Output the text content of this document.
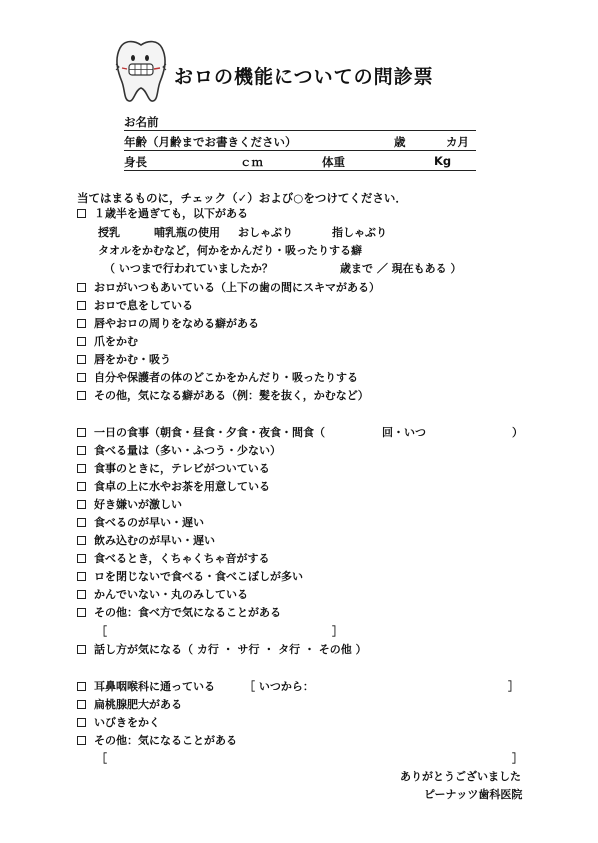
おロの機能についての問診票
お名前
年齢（月齢までお書きください）	歳	カ月
身長	ｃｍ	体重	Kg
当てはまるものに，チェック（✓）および○をつけてください．
１歳半を過ぎても，以下がある
授乳	哺乳瓶の使用 おしゃぶり	指しゃぶり
タオルをかむなど，何かをかんだり・吸ったりする癖
（ いつまで行われていましたか？	歳まで ／ 現在もある ）
おロがいつもあいている（上下の歯の間にスキマがある）
おロで息をしている
唇やおロの周りをなめる癖がある
爪をかむ
唇をかむ・吸う
自分や保護者の体のどこかをかんだり・吸ったりする
その他，気になる癖がある（例：髪を抜く，かむなど）
一日の食事（朝食・昼食・夕食・夜食・間食（	回・いつ	）
食べる量は（多い・ふつう・少ない）
食事のときに，テレビがついている
食卓の上に水やお茶を用意している
好き嫌いが激しい
食べるのが早い・遅い
飲み込むのが早い・遅い
食べるとき，くちゃくちゃ音がする
ロを閉じないで食べる・食べこぼしが多い
かんでいない・丸のみしている
その他：食べ方で気になることがある
［	］
話し方が気になる（ カ行 ・ サ行 ・ タ行 ・ その他 ）
耳鼻咽喉科に通っている	［ いつから：	］
扁桃腺肥大がある
いびきをかく
その他：気になることがある
［	］
ありがとうございました
ピーナッツ歯科医院
